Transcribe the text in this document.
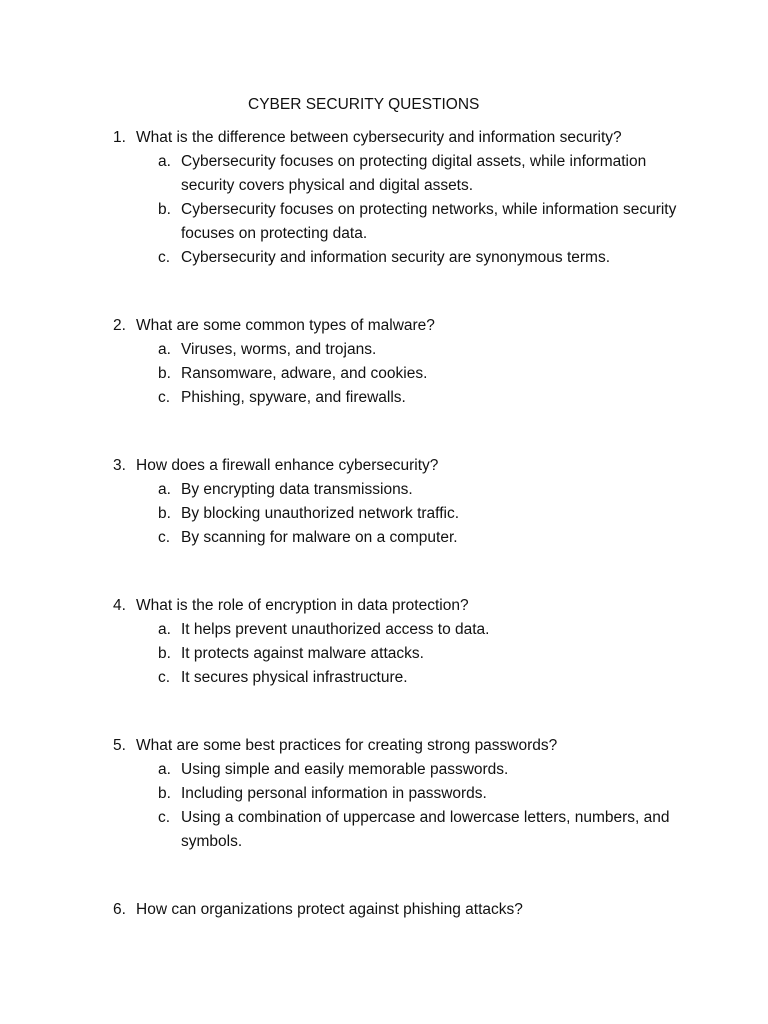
CYBER SECURITY QUESTIONS
1. What is the difference between cybersecurity and information security?
a. Cybersecurity focuses on protecting digital assets, while information security covers physical and digital assets.
b. Cybersecurity focuses on protecting networks, while information security focuses on protecting data.
c. Cybersecurity and information security are synonymous terms.
2. What are some common types of malware?
a. Viruses, worms, and trojans.
b. Ransomware, adware, and cookies.
c. Phishing, spyware, and firewalls.
3. How does a firewall enhance cybersecurity?
a. By encrypting data transmissions.
b. By blocking unauthorized network traffic.
c. By scanning for malware on a computer.
4. What is the role of encryption in data protection?
a. It helps prevent unauthorized access to data.
b. It protects against malware attacks.
c. It secures physical infrastructure.
5. What are some best practices for creating strong passwords?
a. Using simple and easily memorable passwords.
b. Including personal information in passwords.
c. Using a combination of uppercase and lowercase letters, numbers, and symbols.
6. How can organizations protect against phishing attacks?
